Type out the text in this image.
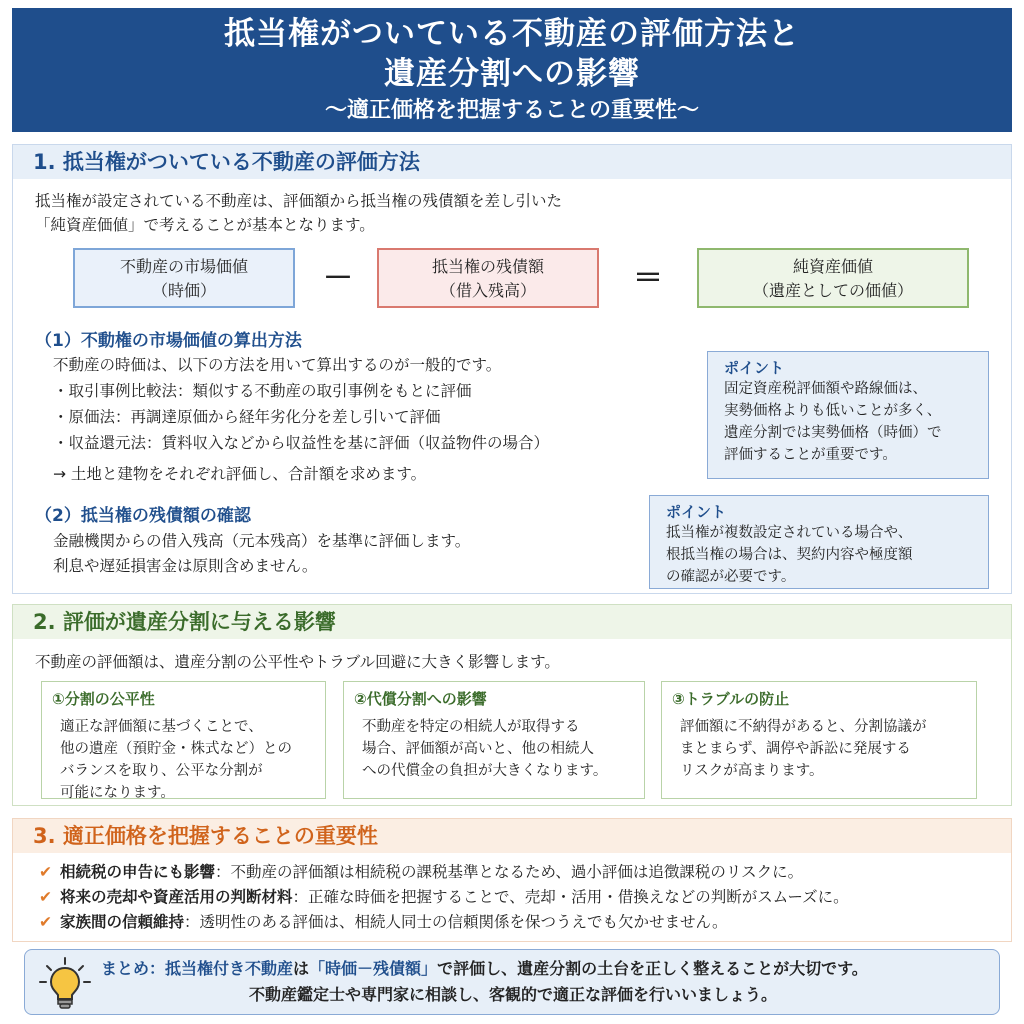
抵当権がついている不動産の評価方法と
遺産分割への影響
～適正価格を把握することの重要性～
1. 抵当権がついている不動産の評価方法
抵当権が設定されている不動産は、評価額から抵当権の残債額を差し引いた
「純資産価値」で考えることが基本となります。
不動産の市場価値
（時価）	－	抵当権の残債額
（借入残高）	＝	純資産価値
（遺産としての価値）
（1）不動権の市場価値の算出方法
不動産の時価は、以下の方法を用いて算出するのが一般的です。
・取引事例比較法：類似する不動産の取引事例をもとに評価
・原価法：再調達原価から経年劣化分を差し引いて評価
・収益還元法：賃料収入などから収益性を基に評価（収益物件の場合）
→ 土地と建物をそれぞれ評価し、合計額を求めます。
（2）抵当権の残債額の確認
金融機関からの借入残高（元本残高）を基準に評価します。
利息や遅延損害金は原則含めません。
ポイント
固定資産税評価額や路線価は、
実勢価格よりも低いことが多く、
遺産分割では実勢価格（時価）で
評価することが重要です。
ポイント
抵当権が複数設定されている場合や、
根抵当権の場合は、契約内容や極度額
の確認が必要です。
2. 評価が遺産分割に与える影響
不動産の評価額は、遺産分割の公平性やトラブル回避に大きく影響します。
①分割の公平性
適正な評価額に基づくことで、
他の遺産（預貯金・株式など）との
バランスを取り、公平な分割が
可能になります。
②代償分割への影響
不動産を特定の相続人が取得する
場合、評価額が高いと、他の相続人
への代償金の負担が大きくなります。
③トラブルの防止
評価額に不納得があると、分割協議が
まとまらず、調停や訴訟に発展する
リスクが高まります。
3. 適正価格を把握することの重要性
✔ 相続税の申告にも影響：不動産の評価額は相続税の課税基準となるため、過小評価は追徴課税のリスクに。
✔ 将来の売却や資産活用の判断材料：正確な時価を把握することで、売却・活用・借換えなどの判断がスムーズに。
✔ 家族間の信頼維持：透明性のある評価は、相続人同士の信頼関係を保つうえでも欠かせません。
まとめ：抵当権付き不動産は「時価－残債額」で評価し、遺産分割の土台を正しく整えることが大切です。
不動産鑑定士や専門家に相談し、客観的で適正な評価を行いいましょう。
